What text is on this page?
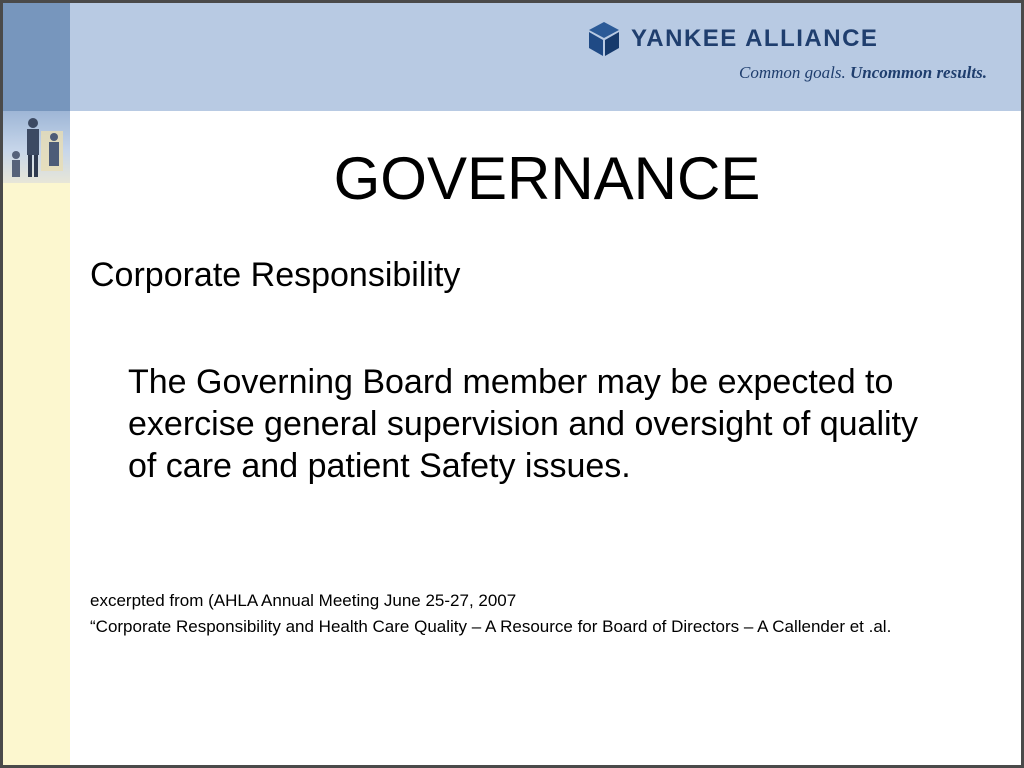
YANKEE ALLIANCE
Common goals. Uncommon results.
GOVERNANCE
Corporate Responsibility

The Governing Board member may be expected to exercise general supervision and oversight of quality of care and patient Safety issues.

excerpted from (AHLA Annual Meeting June 25-27, 2007
“Corporate Responsibility and Health Care Quality – A Resource for Board of Directors – A Callender et .al.
